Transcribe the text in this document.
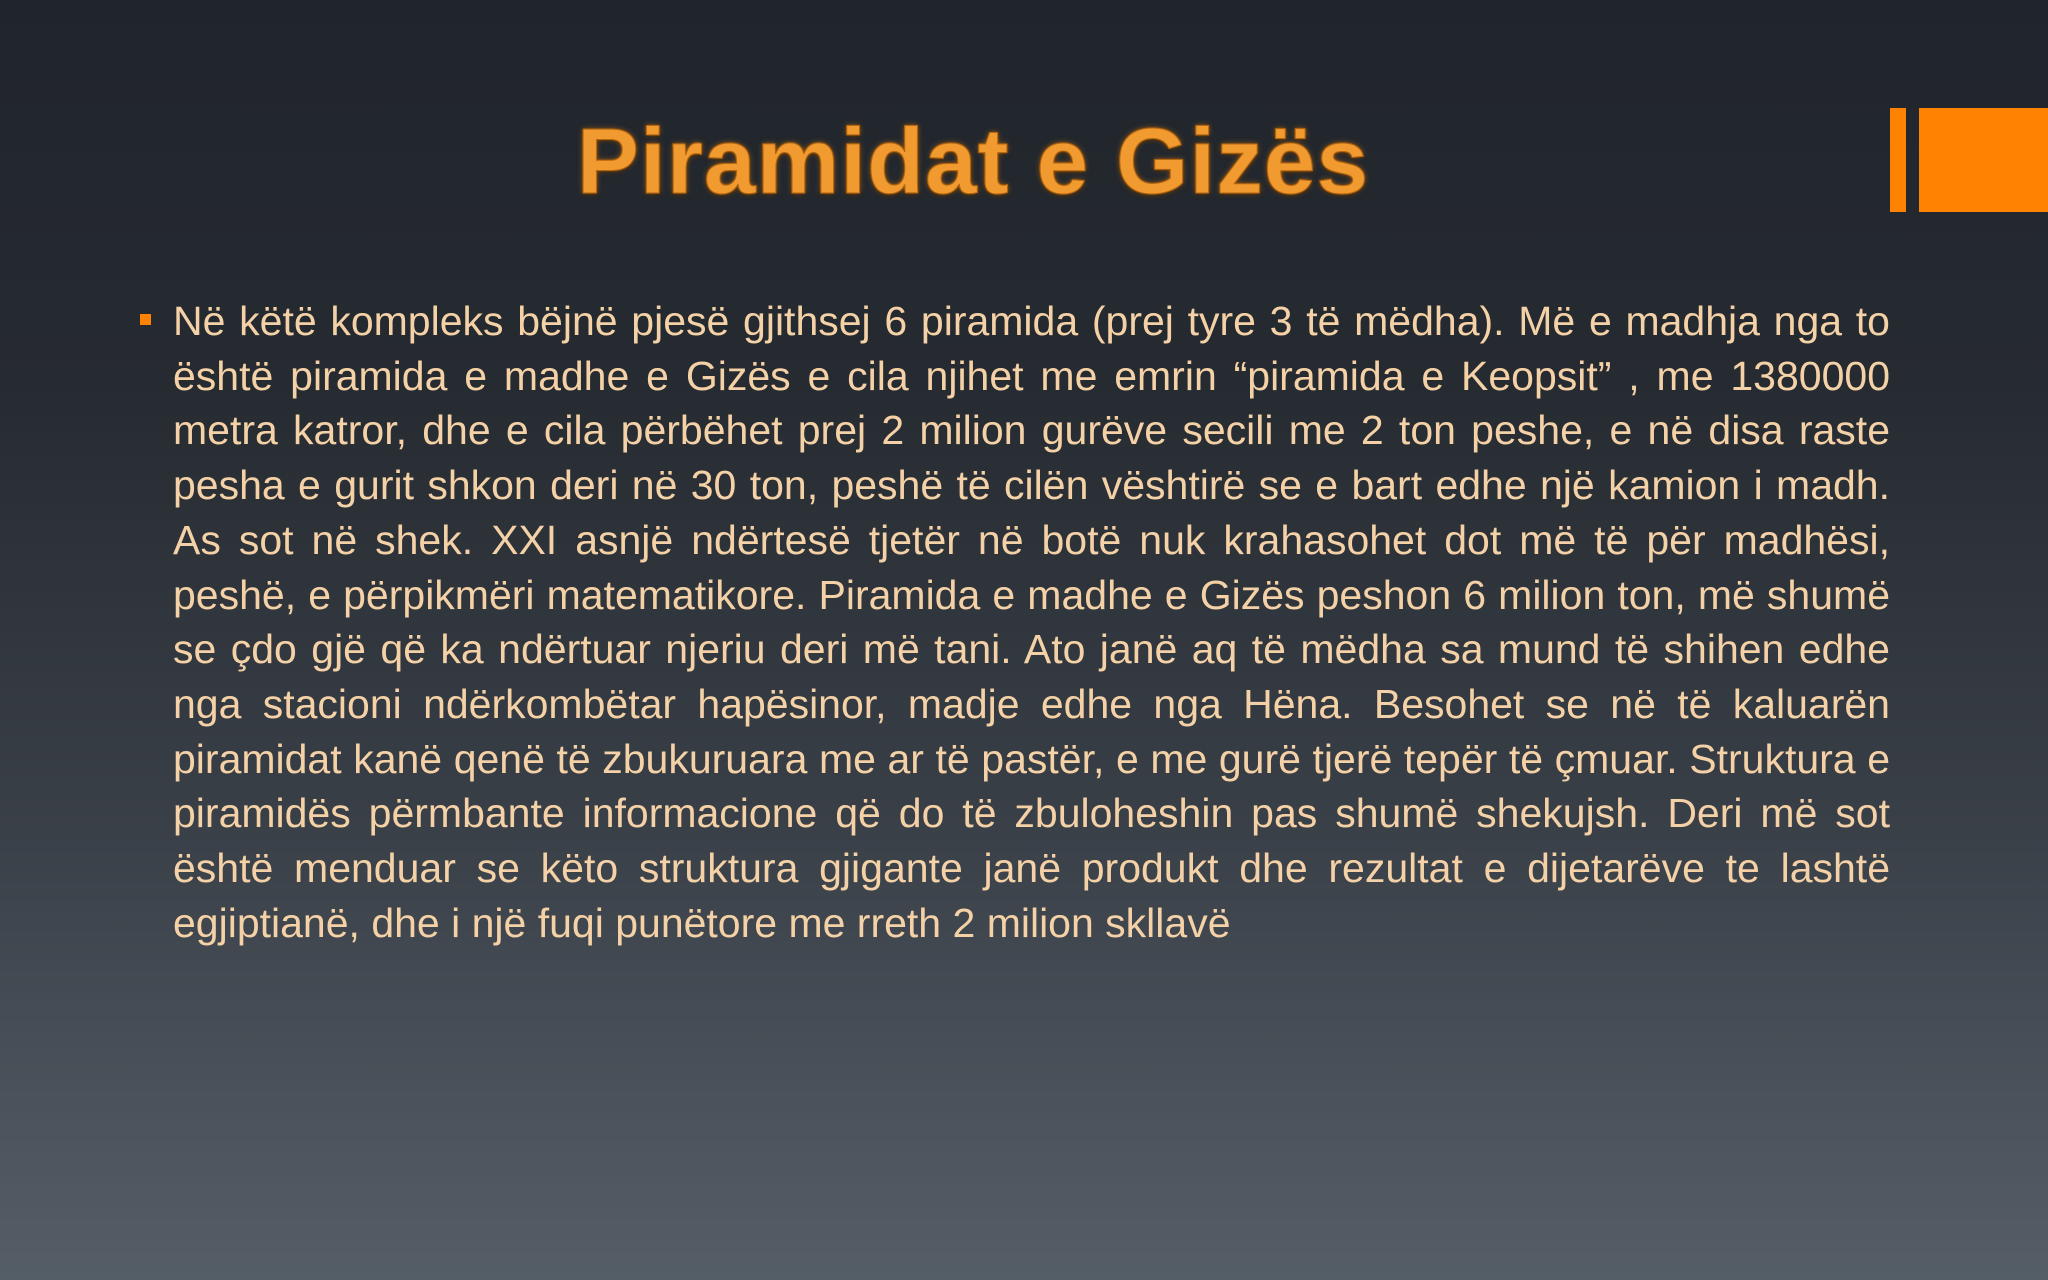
Piramidat e Gizës

Në këtë kompleks bëjnë pjesë gjithsej 6 piramida (prej tyre 3 të mëdha). Më e madhja nga to është piramida e madhe e Gizës e cila njihet me emrin “piramida e Keopsit” , me 1380000 metra katror, dhe e cila përbëhet prej 2 milion gurëve secili me 2 ton peshe, e në disa raste pesha e gurit shkon deri në 30 ton, peshë të cilën vështirë se e bart edhe një kamion i madh. As sot në shek. XXI asnjë ndërtesë tjetër në botë nuk krahasohet dot më të për madhësi, peshë, e përpikmëri matematikore. Piramida e madhe e Gizës peshon 6 milion ton, më shumë se çdo gjë që ka ndërtuar njeriu deri më tani. Ato janë aq të mëdha sa mund të shihen edhe nga stacioni ndërkombëtar hapësinor, madje edhe nga Hëna. Besohet se në të kaluarën piramidat kanë qenë të zbukuruara me ar të pastër, e me gurë tjerë tepër të çmuar. Struktura e piramidës përmbante informacione që do të zbuloheshin pas shumë shekujsh. Deri më sot është menduar se këto struktura gjigante janë produkt dhe rezultat e dijetarëve te lashtë egjiptianë, dhe i një fuqi punëtore me rreth 2 milion skllavë
